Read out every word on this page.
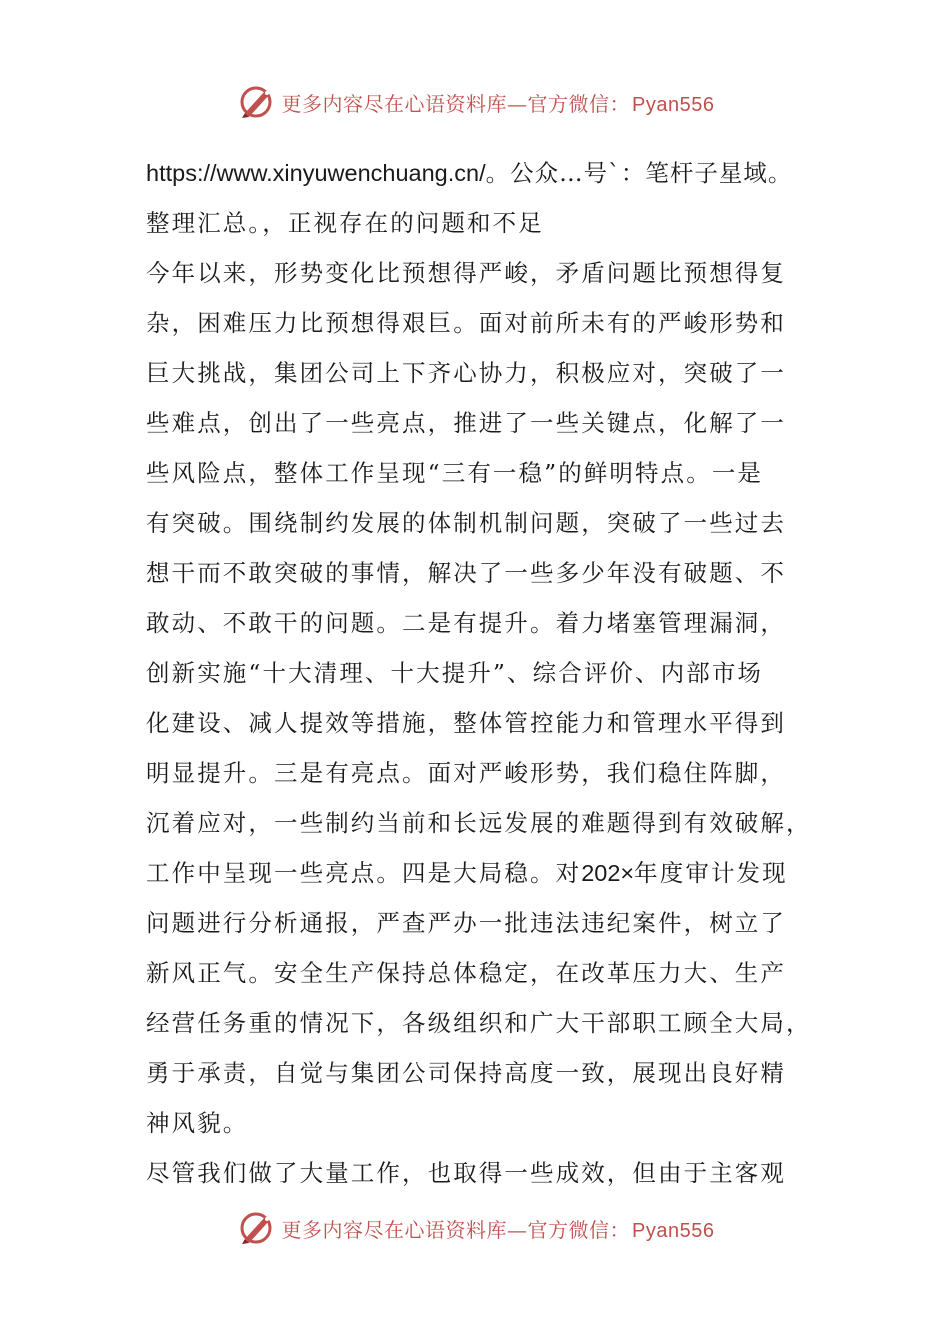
更多内容尽在心语资料库—官方微信： Pyan556
https://www.xinyuwenchuang.cn/。公众…号`：笔杆子星域。
整理汇总。，正视存在的问题和不足
今年以来，形势变化比预想得严峻，矛盾问题比预想得复
杂，困难压力比预想得艰巨。面对前所未有的严峻形势和
巨大挑战，集团公司上下齐心协力，积极应对，突破了一
些难点，创出了一些亮点，推进了一些关键点，化解了一
些风险点，整体工作呈现“三有一稳”的鲜明特点。一是
有突破。围绕制约发展的体制机制问题，突破了一些过去
想干而不敢突破的事情，解决了一些多少年没有破题、不
敢动、不敢干的问题。二是有提升。着力堵塞管理漏洞，
创新实施“十大清理、十大提升”、综合评价、内部市场
化建设、减人提效等措施，整体管控能力和管理水平得到
明显提升。三是有亮点。面对严峻形势，我们稳住阵脚，
沉着应对，一些制约当前和长远发展的难题得到有效破解，
工作中呈现一些亮点。四是大局稳。对202×年度审计发现
问题进行分析通报，严查严办一批违法违纪案件，树立了
新风正气。安全生产保持总体稳定，在改革压力大、生产
经营任务重的情况下，各级组织和广大干部职工顾全大局，
勇于承责，自觉与集团公司保持高度一致，展现出良好精
神风貌。
尽管我们做了大量工作，也取得一些成效，但由于主客观
更多内容尽在心语资料库—官方微信： Pyan556
